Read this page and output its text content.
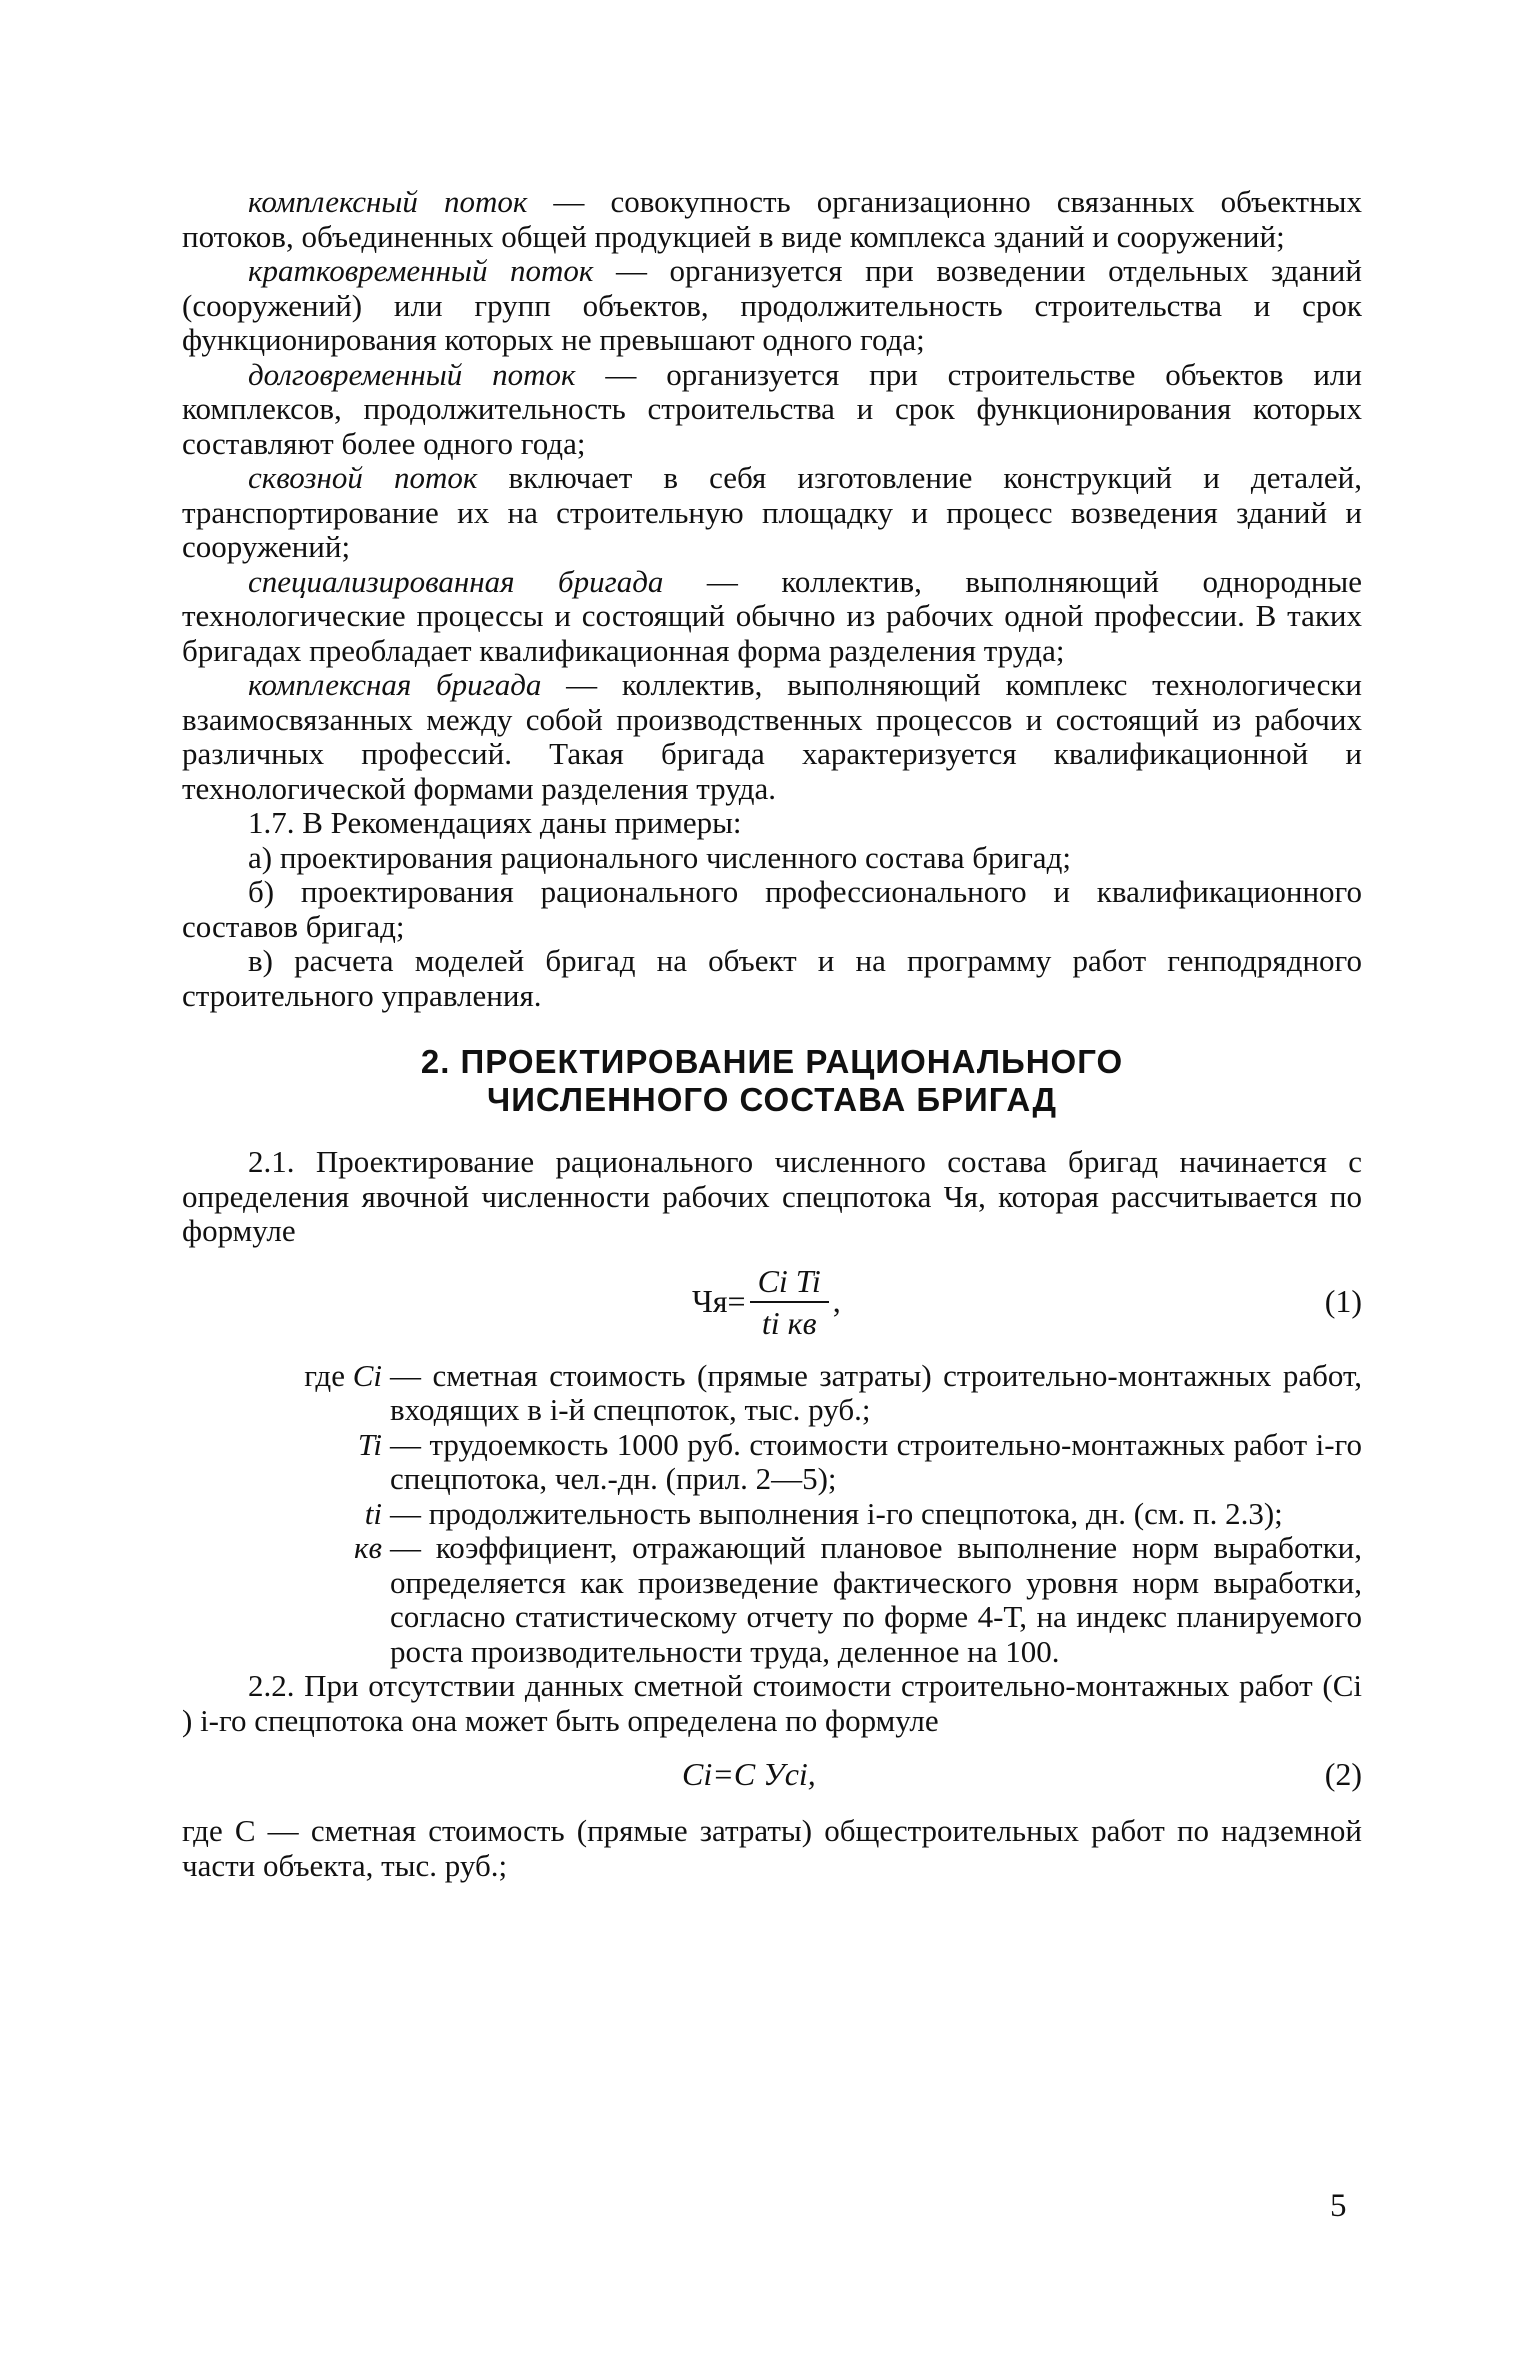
комплексный поток — совокупность организационно связанных объектных потоков, объединенных общей продукцией в виде комплекса зданий и сооружений;

кратковременный поток — организуется при возведении отдельных зданий (сооружений) или групп объектов, продолжительность строительства и срок функционирования которых не превышают одного года;

долговременный поток — организуется при строительстве объектов или комплексов, продолжительность строительства и срок функционирования которых составляют более одного года;

сквозной поток включает в себя изготовление конструкций и деталей, транспортирование их на строительную площадку и процесс возведения зданий и сооружений;

специализированная бригада — коллектив, выполняющий однородные технологические процессы и состоящий обычно из рабочих одной профессии. В таких бригадах преобладает квалификационная форма разделения труда;

комплексная бригада — коллектив, выполняющий комплекс технологически взаимосвязанных между собой производственных процессов и состоящий из рабочих различных профессий. Такая бригада характеризуется квалификационной и технологической формами разделения труда.

1.7. В Рекомендациях даны примеры:

а) проектирования рационального численного состава бригад;

б) проектирования рационального профессионального и квалификационного составов бригад;

в) расчета моделей бригад на объект и на программу работ генподрядного строительного управления.

2. ПРОЕКТИРОВАНИЕ РАЦИОНАЛЬНОГО
ЧИСЛЕННОГО СОСТАВА БРИГАД

2.1. Проектирование рационального численного состава бригад начинается с определения явочной численности рабочих спецпотока Чя, которая рассчитывается по формуле

$Чя= \frac{\text{Ci Ti}}{\text{ti кв}}$ ,	(1)
где Ci — сметная стоимость (прямые затраты) строительно-монтажных работ, входящих в i-й спецпоток, тыс. руб.;
Ti — трудоемкость 1000 руб. стоимости строительно-монтажных работ i-го спецпотока, чел.-дн. (прил. 2—5);
ti — продолжительность выполнения i-го спецпотока, дн. (см. п. 2.3);
кв — коэффициент, отражающий плановое выполнение норм выработки, определяется как произведение фактического уровня норм выработки, согласно статистическому отчету по форме 4-Т, на индекс планируемого роста производительности труда, деленное на 100.

2.2. При отсутствии данных сметной стоимости строительно-монтажных работ (Ci ) i-го спецпотока она может быть определена по формуле

Ci=C Уci,	(2)

где C — сметная стоимость (прямые затраты) общестроительных работ по надземной части объекта, тыс. руб.;

5
